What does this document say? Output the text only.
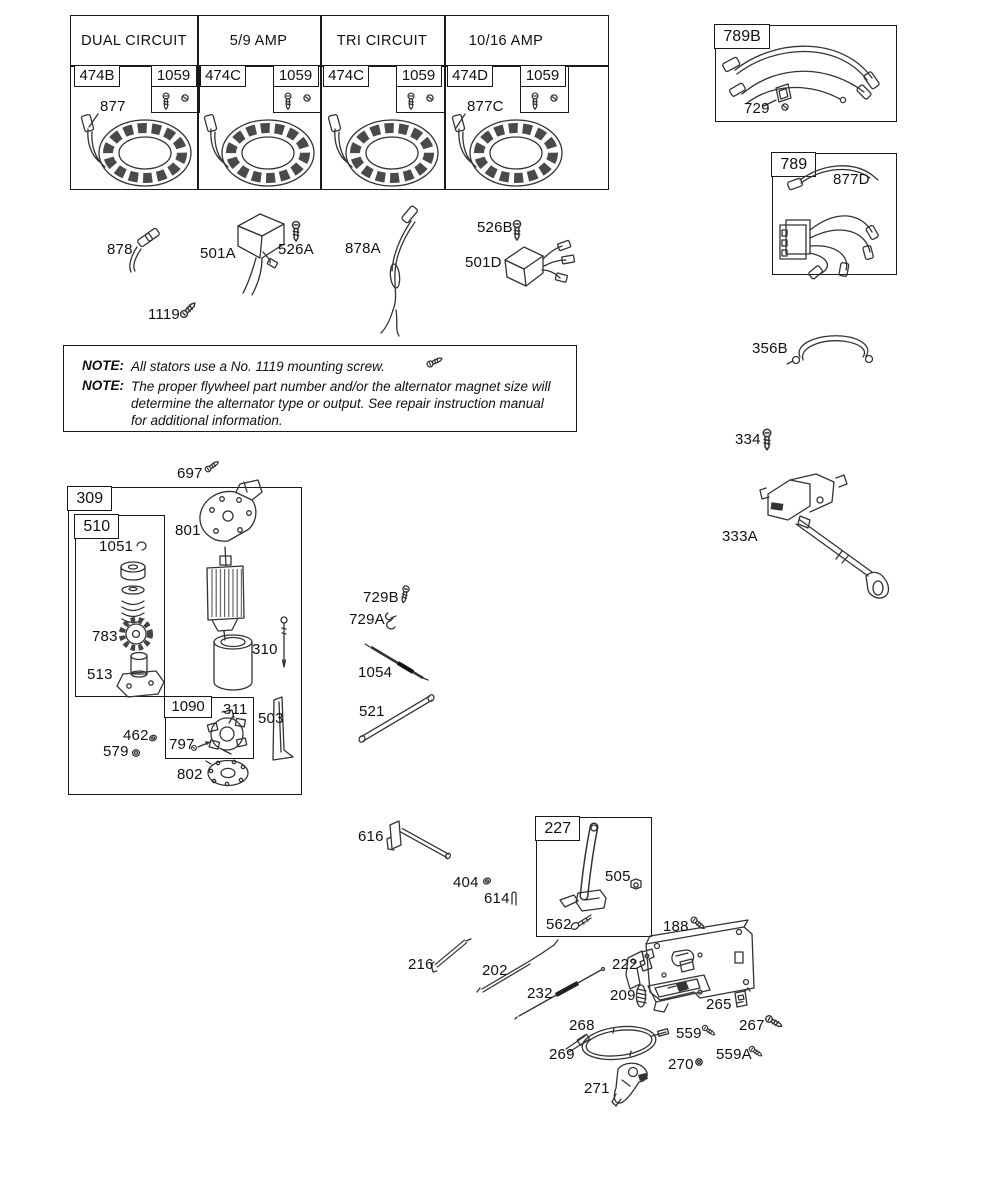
DUAL CIRCUIT	5/9 AMP	TRI CIRCUIT	10/16 AMP
474B	474C	474C	474D
1059	1059	1059	1059
789B
789
309
510
1090
227
NOTE: All stators use a No. 1119 mounting screw.
NOTE: The proper flywheel part number and/or the alternator magnet size will determine the alternator type or output. See repair instruction manual for additional information.
877	877C	729
877D
878	501A	526A 878A
526B
501D
1119
356B
334
333A
697
801
1051
783
513
310
311
797
503
462
579
802
729B
729A
1054
521
616
404
614
505
562	188
216	202
232
222
209
265
267
268
269
559
559A
270
271
